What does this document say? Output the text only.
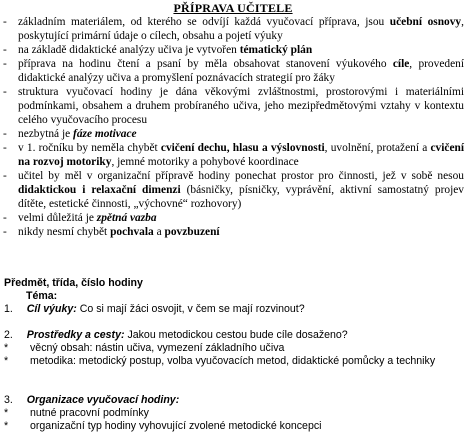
PŘÍPRAVA UČITELE
- základním materiálem, od kterého se odvíjí každá vyučovací příprava, jsou učební osnovy, poskytující primární údaje o cílech, obsahu a pojetí výuky
- na základě didaktické analýzy učiva je vytvořen tématický plán
- příprava na hodinu čtení a psaní by měla obsahovat stanovení výukového cíle, provedení didaktické analýzy učiva a promyšlení poznávacích strategií pro žáky
- struktura vyučovací hodiny je dána věkovými zvláštnostmi, prostorovými i materiálními podmínkami, obsahem a druhem probíraného učiva, jeho mezipředmětovými vztahy v kontextu celého vyučovacího procesu
- nezbytná je fáze motivace
- v 1. ročníku by neměla chybět cvičení dechu, hlasu a výslovnosti, uvolnění, protažení a cvičení na rozvoj motoriky, jemné motoriky a pohybové koordinace
- učitel by měl v organizační přípravě hodiny ponechat prostor pro činnosti, jež v sobě nesou didaktickou i relaxační dimenzi (básničky, písničky, vyprávění, aktivní samostatný projev dítěte, estetické činnosti, „výchovné“ rozhovory)
- velmi důležitá je zpětná vazba
- nikdy nesmí chybět pochvala a povzbuzení
Předmět, třída, číslo hodiny
Téma:
1. Cíl výuky: Co si mají žáci osvojit, v čem se mají rozvinout?
2. Prostředky a cesty: Jakou metodickou cestou bude cíle dosaženo?
* věcný obsah: nástin učiva, vymezení základního učiva
* metodika: metodický postup, volba vyučovacích metod, didaktické pomůcky a techniky
3. Organizace vyučovací hodiny:
* nutné pracovní podmínky
* organizační typ hodiny vyhovující zvolené metodické koncepci
